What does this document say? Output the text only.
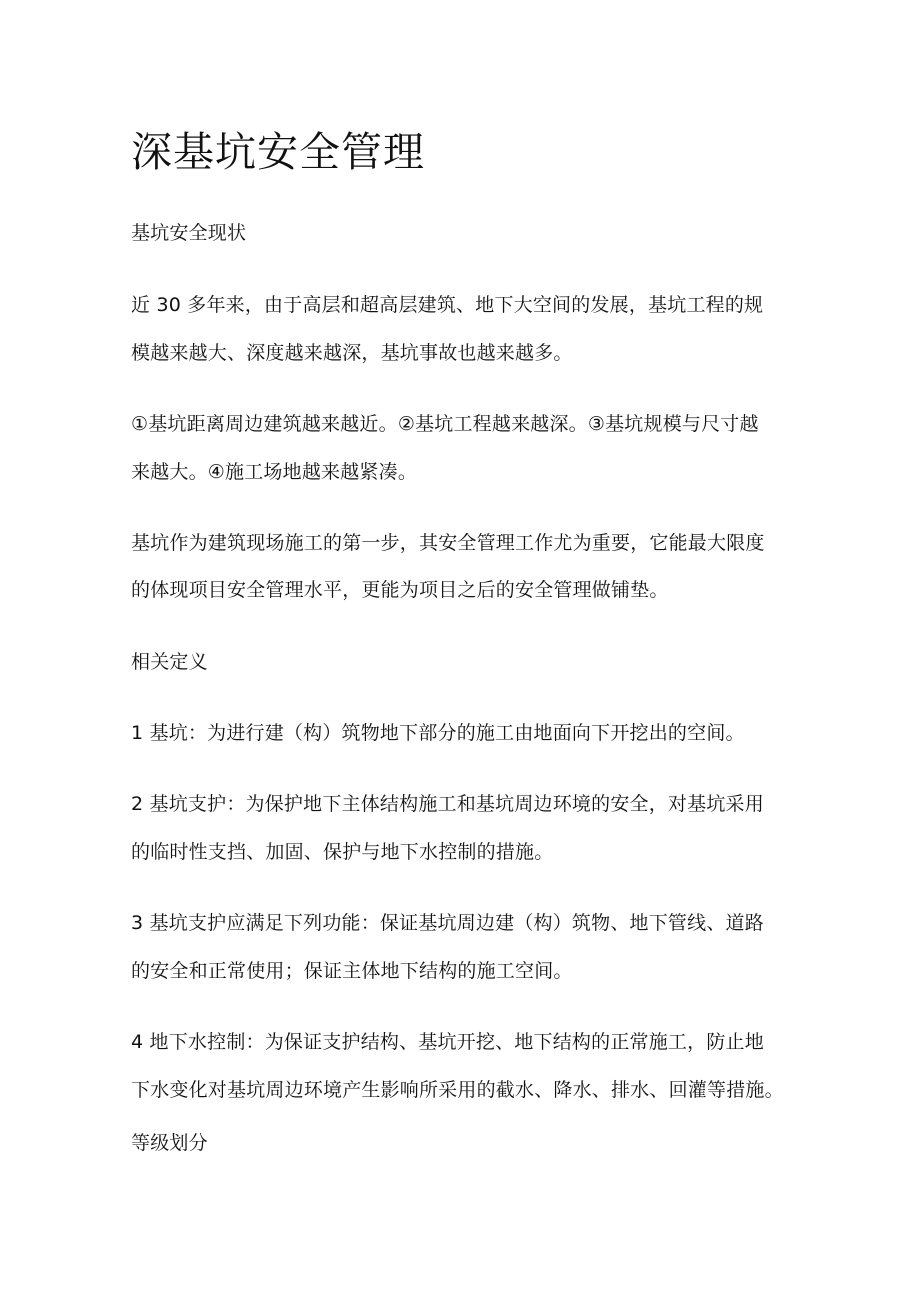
深基坑安全管理

基坑安全现状

近 30 多年来，由于高层和超高层建筑、地下大空间的发展，基坑工程的规

模越来越大、深度越来越深，基坑事故也越来越多。

①基坑距离周边建筑越来越近。②基坑工程越来越深。③基坑规模与尺寸越

来越大。④施工场地越来越紧凑。

基坑作为建筑现场施工的第一步，其安全管理工作尤为重要，它能最大限度

的体现项目安全管理水平，更能为项目之后的安全管理做铺垫。

相关定义

1 基坑：为进行建（构）筑物地下部分的施工由地面向下开挖出的空间。

2 基坑支护：为保护地下主体结构施工和基坑周边环境的安全，对基坑采用

的临时性支挡、加固、保护与地下水控制的措施。

3 基坑支护应满足下列功能：保证基坑周边建（构）筑物、地下管线、道路

的安全和正常使用；保证主体地下结构的施工空间。

4 地下水控制：为保证支护结构、基坑开挖、地下结构的正常施工，防止地

下水变化对基坑周边环境产生影响所采用的截水、降水、排水、回灌等措施。

等级划分
